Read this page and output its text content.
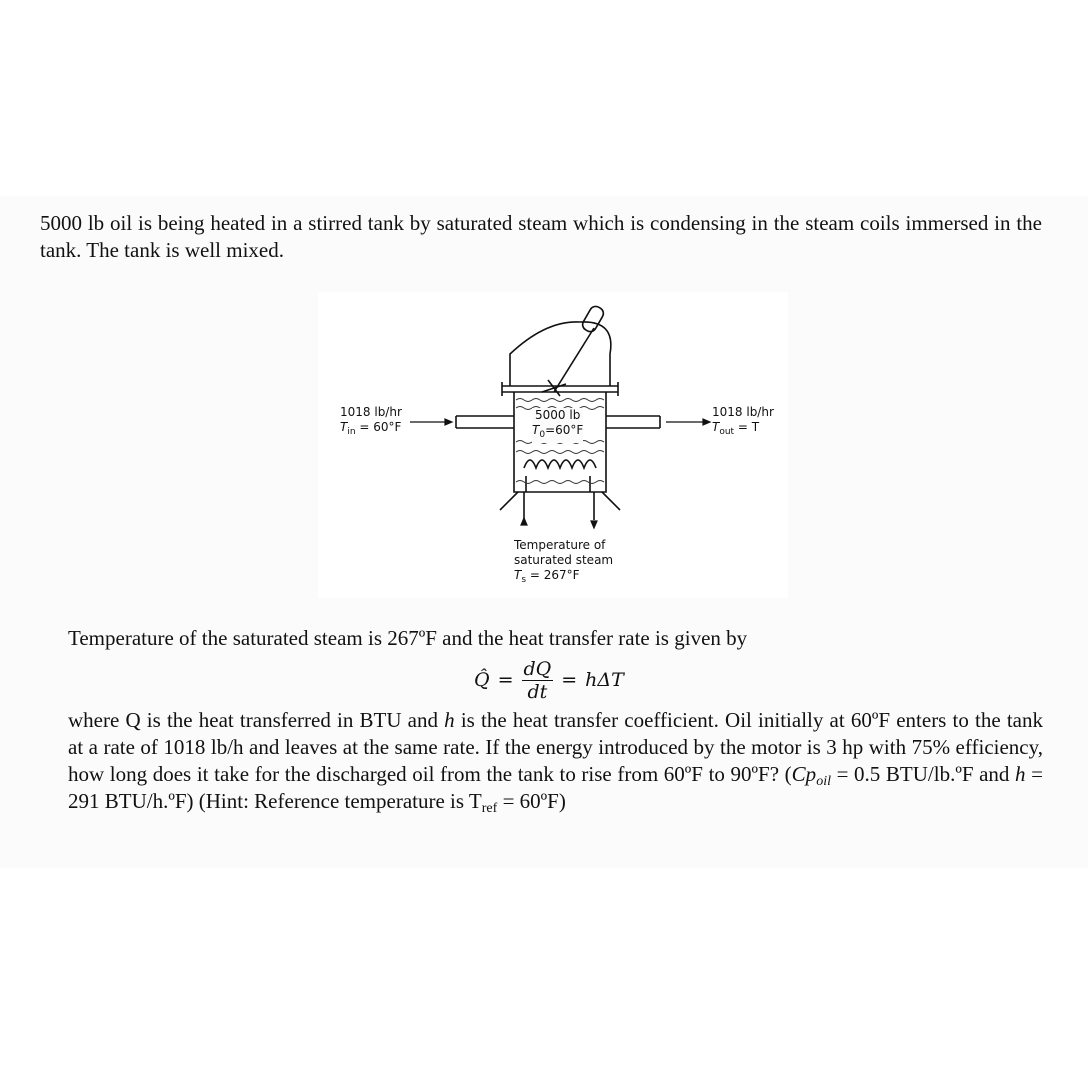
5000 lb oil is being heated in a stirred tank by saturated steam which is condensing in the steam coils immersed in the tank. The tank is well mixed.

1018 lb/hr
$T_{in} = 60^\circ F$
1018 lb/hr
$T_{out} = T$
5000 lb
$T_0=60^\circ F$
Temperature of
saturated steam
$T_s = 267^\circ F$

Temperature of the saturated steam is 267ºF and the heat transfer rate is given by

Q̂ = $\frac{dQ}{dt} = h\Delta T$

where Q is the heat transferred in BTU and h is the heat transfer coefficient. Oil initially at 60ºF enters to the tank at a rate of 1018 lb/h and leaves at the same rate. If the energy introduced by the motor is 3 hp with 75% efficiency, how long does it take for the discharged oil from the tank to rise from 60ºF to 90ºF? ($Cp_{oil} = 0.5$ BTU/lb.ºF and h = 291 BTU/h.ºF) (Hint: Reference temperature is $T_{ref}$ = 60ºF)
